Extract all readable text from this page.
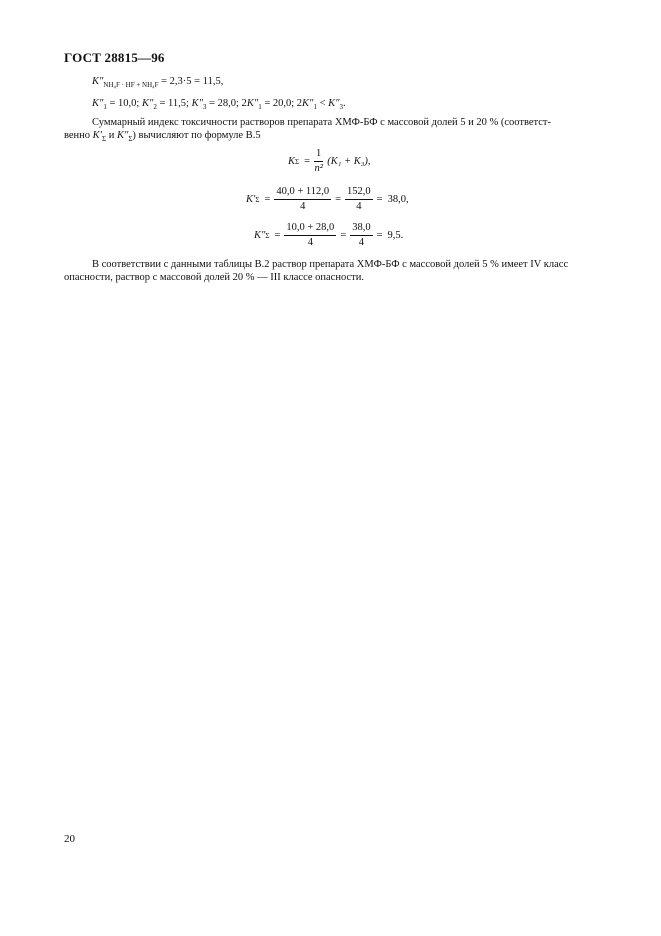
ГОСТ 28815—96
$K''_{NH_4F \cdot HF + NH_4F} = 2,3\cdot 5 = 11,5$,
$K''_1 = 10,0$; $K''_2 = 11,5$; $K''_3 = 28,0$; $2K''_1 = 20,0$; $2K''_1 < K''_3$.
Суммарный индекс токсичности растворов препарата ХМФ-БФ с массовой долей 5 и 20 % (соответст-
венно $K'_\Sigma$ и $K''_\Sigma$) вычисляют по формуле В.5
K $\Sigma = \frac{1}{\text{n²}} (K_1 + K_3)$,
K′ $\Sigma = \frac{40,0 + 112,0}{4} = \frac{152,0}{4} = 38,0$,
K″ $\Sigma = \frac{10,0 + 28,0}{4} = \frac{38,0}{4} = 9,5$.
В соответствии с данными таблицы В.2 раствор препарата ХМФ-БФ с массовой долей 5 % имеет IV класс
опасности, раствор с массовой долей 20 % — III классе опасности.
20
